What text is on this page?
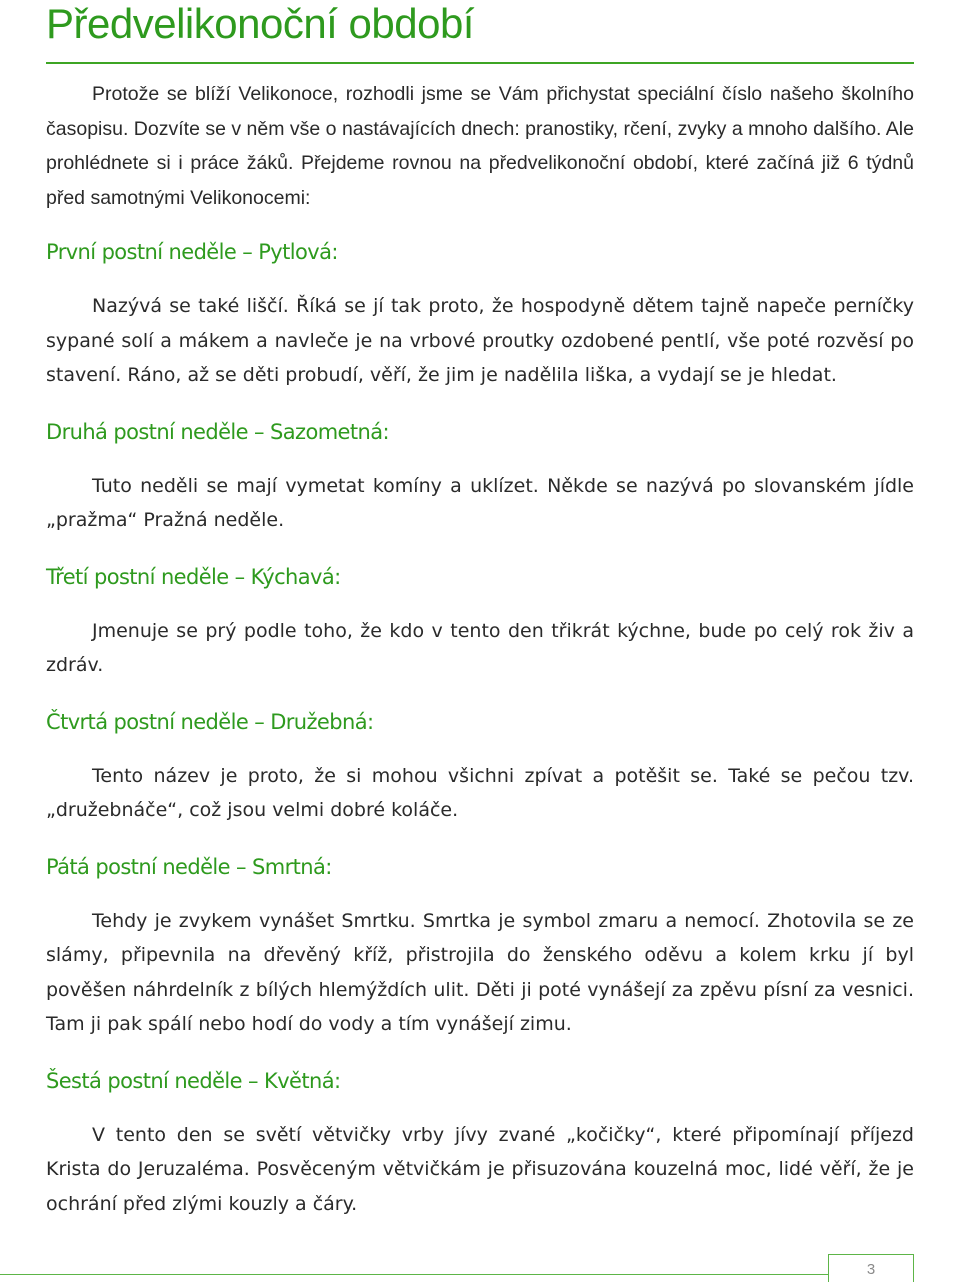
Předvelikonoční období

Protože se blíží Velikonoce, rozhodli jsme se Vám přichystat speciální číslo našeho školního časopisu. Dozvíte se v něm vše o nastávajících dnech: pranostiky, rčení, zvyky a mnoho dalšího. Ale prohlédnete si i práce žáků. Přejdeme rovnou na předvelikonoční období, které začíná již 6 týdnů před samotnými Velikonocemi:

První postní neděle – Pytlová:

Nazývá se také liščí. Říká se jí tak proto, že hospodyně dětem tajně napeče perníčky sypané solí a mákem a navleče je na vrbové proutky ozdobené pentlí, vše poté rozvěsí po stavení. Ráno, až se děti probudí, věří, že jim je nadělila liška, a vydají se je hledat.

Druhá postní neděle – Sazometná:

Tuto neděli se mají vymetat komíny a uklízet. Někde se nazývá po slovanském jídle „pražma“ Pražná neděle.

Třetí postní neděle – Kýchavá:

Jmenuje se prý podle toho, že kdo v tento den třikrát kýchne, bude po celý rok živ a zdráv.

Čtvrtá postní neděle – Družebná:

Tento název je proto, že si mohou všichni zpívat a potěšit se. Také se pečou tzv. „družebnáče“, což jsou velmi dobré koláče.

Pátá postní neděle – Smrtná:

Tehdy je zvykem vynášet Smrtku. Smrtka je symbol zmaru a nemocí. Zhotovila se ze slámy, připevnila na dřevěný kříž, přistrojila do ženského oděvu a kolem krku jí byl pověšen náhrdelník z bílých hlemýždích ulit. Děti ji poté vynášejí za zpěvu písní za vesnici. Tam ji pak spálí nebo hodí do vody a tím vynášejí zimu.

Šestá postní neděle – Květná:

V tento den se světí větvičky vrby jívy zvané „kočičky“, které připomínají příjezd Krista do Jeruzaléma. Posvěceným větvičkám je přisuzována kouzelná moc, lidé věří, že je ochrání před zlými kouzly a čáry.

3
